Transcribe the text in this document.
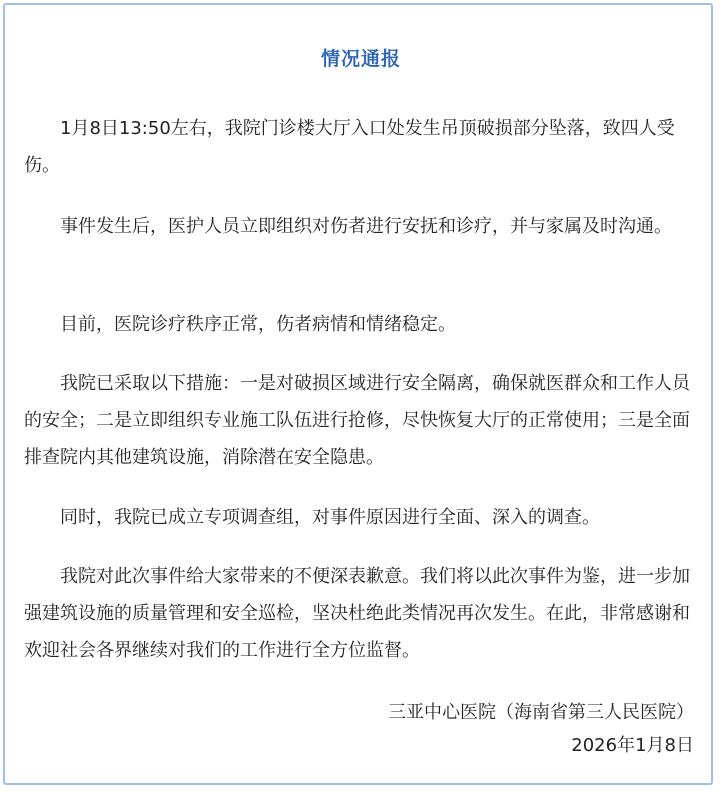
情况通报

1月8日13:50左右，我院门诊楼大厅入口处发生吊顶破损部分坠落，致四人受伤。

事件发生后，医护人员立即组织对伤者进行安抚和诊疗，并与家属及时沟通。

目前，医院诊疗秩序正常，伤者病情和情绪稳定。

我院已采取以下措施：一是对破损区域进行安全隔离，确保就医群众和工作人员的安全；二是立即组织专业施工队伍进行抢修，尽快恢复大厅的正常使用；三是全面排查院内其他建筑设施，消除潜在安全隐患。

同时，我院已成立专项调查组，对事件原因进行全面、深入的调查。

我院对此次事件给大家带来的不便深表歉意。我们将以此次事件为鉴，进一步加强建筑设施的质量管理和安全巡检，坚决杜绝此类情况再次发生。在此，非常感谢和欢迎社会各界继续对我们的工作进行全方位监督。

三亚中心医院（海南省第三人民医院）
2026年1月8日
